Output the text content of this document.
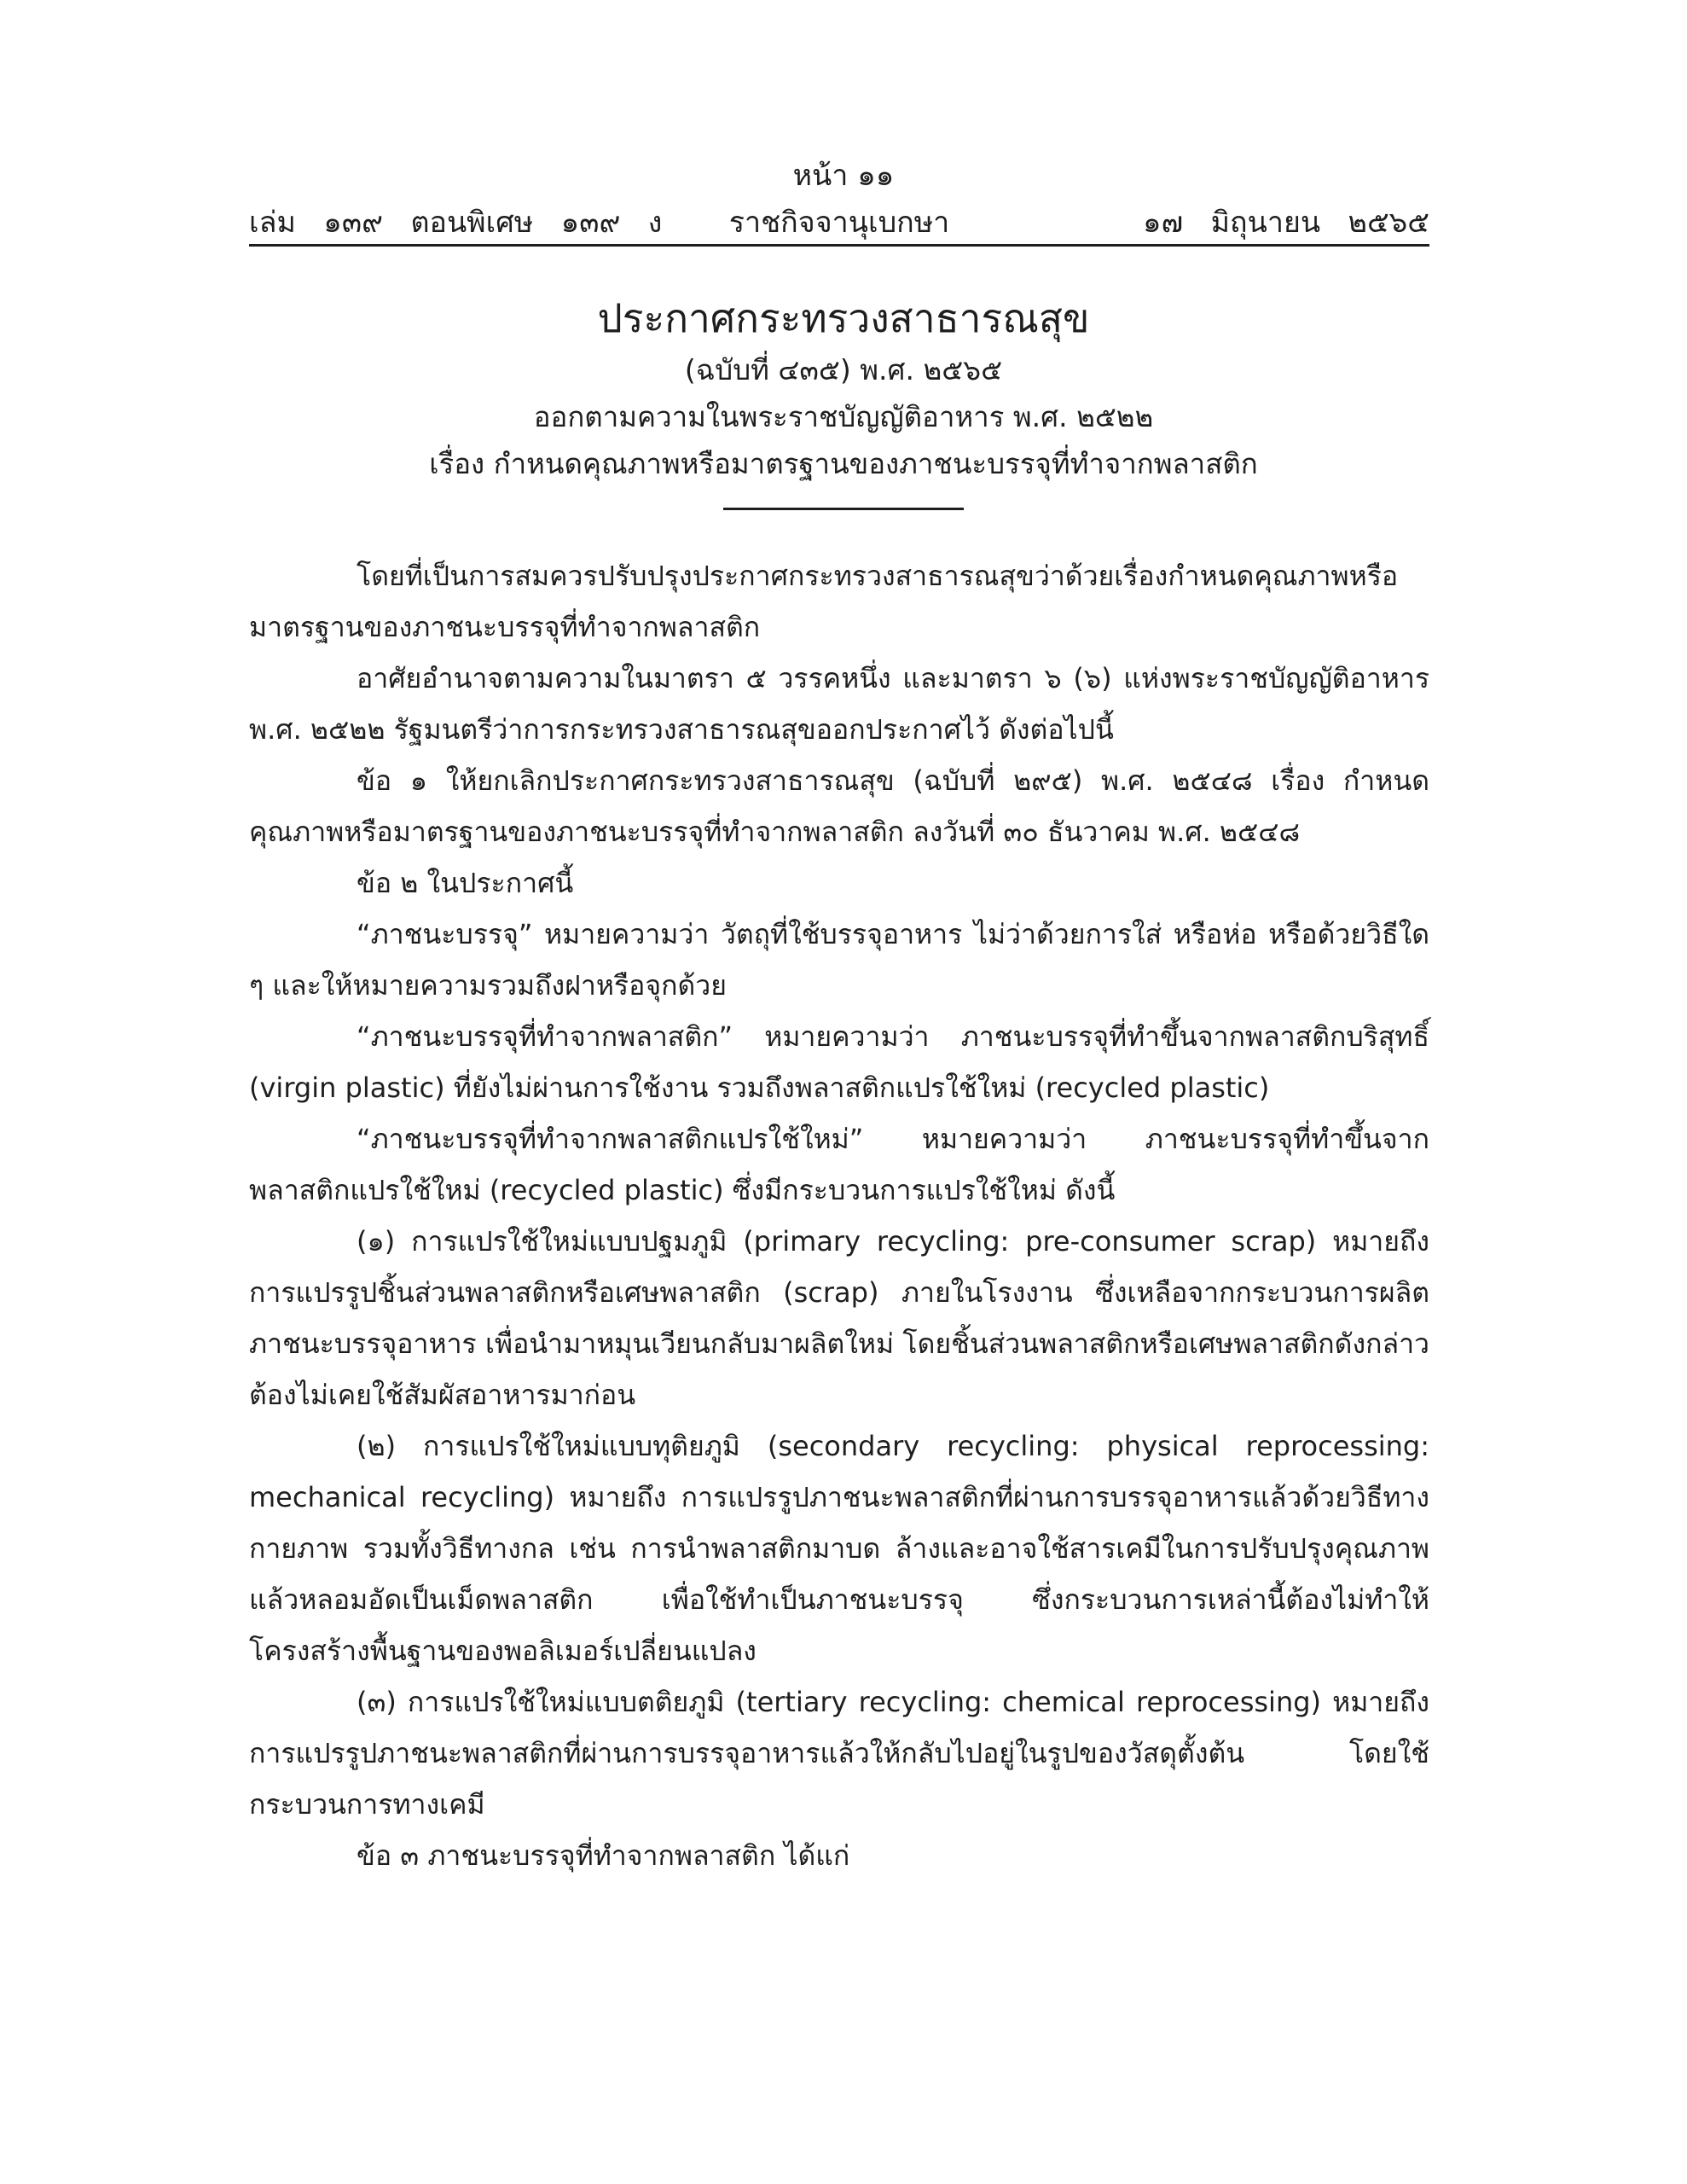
หน้า ๑๑
เล่ม   ๑๓๙   ตอนพิเศษ   ๑๓๙   ง	ราชกิจจานุเบกษา	๑๗   มิถุนายน   ๒๕๖๕
ประกาศกระทรวงสาธารณสุข
(ฉบับที่ ๔๓๕) พ.ศ. ๒๕๖๕
ออกตามความในพระราชบัญญัติอาหาร พ.ศ. ๒๕๒๒
เรื่อง กำหนดคุณภาพหรือมาตรฐานของภาชนะบรรจุที่ทำจากพลาสติก

โดยที่เป็นการสมควรปรับปรุงประกาศกระทรวงสาธารณสุขว่าด้วยเรื่องกำหนดคุณภาพหรือมาตรฐานของภาชนะบรรจุที่ทำจากพลาสติก

อาศัยอำนาจตามความในมาตรา ๕ วรรคหนึ่ง และมาตรา ๖ (๖) แห่งพระราชบัญญัติอาหาร พ.ศ. ๒๕๒๒ รัฐมนตรีว่าการกระทรวงสาธารณสุขออกประกาศไว้ ดังต่อไปนี้

ข้อ ๑ ให้ยกเลิกประกาศกระทรวงสาธารณสุข (ฉบับที่ ๒๙๕) พ.ศ. ๒๕๔๘ เรื่อง กำหนดคุณภาพหรือมาตรฐานของภาชนะบรรจุที่ทำจากพลาสติก ลงวันที่ ๓๐ ธันวาคม พ.ศ. ๒๕๔๘

ข้อ ๒ ในประกาศนี้

“ภาชนะบรรจุ” หมายความว่า วัตถุที่ใช้บรรจุอาหาร ไม่ว่าด้วยการใส่ หรือห่อ หรือด้วยวิธีใด ๆ และให้หมายความรวมถึงฝาหรือจุกด้วย

“ภาชนะบรรจุที่ทำจากพลาสติก” หมายความว่า ภาชนะบรรจุที่ทำขึ้นจากพลาสติกบริสุทธิ์ (virgin plastic) ที่ยังไม่ผ่านการใช้งาน รวมถึงพลาสติกแปรใช้ใหม่ (recycled plastic)

“ภาชนะบรรจุที่ทำจากพลาสติกแปรใช้ใหม่” หมายความว่า ภาชนะบรรจุที่ทำขึ้นจากพลาสติกแปรใช้ใหม่ (recycled plastic) ซึ่งมีกระบวนการแปรใช้ใหม่ ดังนี้

(๑) การแปรใช้ใหม่แบบปฐมภูมิ (primary recycling: pre-consumer scrap) หมายถึง การแปรรูปชิ้นส่วนพลาสติกหรือเศษพลาสติก (scrap) ภายในโรงงาน ซึ่งเหลือจากกระบวนการผลิตภาชนะบรรจุอาหาร เพื่อนำมาหมุนเวียนกลับมาผลิตใหม่ โดยชิ้นส่วนพลาสติกหรือเศษพลาสติกดังกล่าวต้องไม่เคยใช้สัมผัสอาหารมาก่อน

(๒) การแปรใช้ใหม่แบบทุติยภูมิ (secondary recycling: physical reprocessing: mechanical recycling) หมายถึง การแปรรูปภาชนะพลาสติกที่ผ่านการบรรจุอาหารแล้วด้วยวิธีทางกายภาพ รวมทั้งวิธีทางกล เช่น การนำพลาสติกมาบด ล้างและอาจใช้สารเคมีในการปรับปรุงคุณภาพแล้วหลอมอัดเป็นเม็ดพลาสติก เพื่อใช้ทำเป็นภาชนะบรรจุ ซึ่งกระบวนการเหล่านี้ต้องไม่ทำให้โครงสร้างพื้นฐานของพอลิเมอร์เปลี่ยนแปลง

(๓) การแปรใช้ใหม่แบบตติยภูมิ (tertiary recycling: chemical reprocessing) หมายถึง การแปรรูปภาชนะพลาสติกที่ผ่านการบรรจุอาหารแล้วให้กลับไปอยู่ในรูปของวัสดุตั้งต้น โดยใช้กระบวนการทางเคมี

ข้อ ๓ ภาชนะบรรจุที่ทำจากพลาสติก ได้แก่
